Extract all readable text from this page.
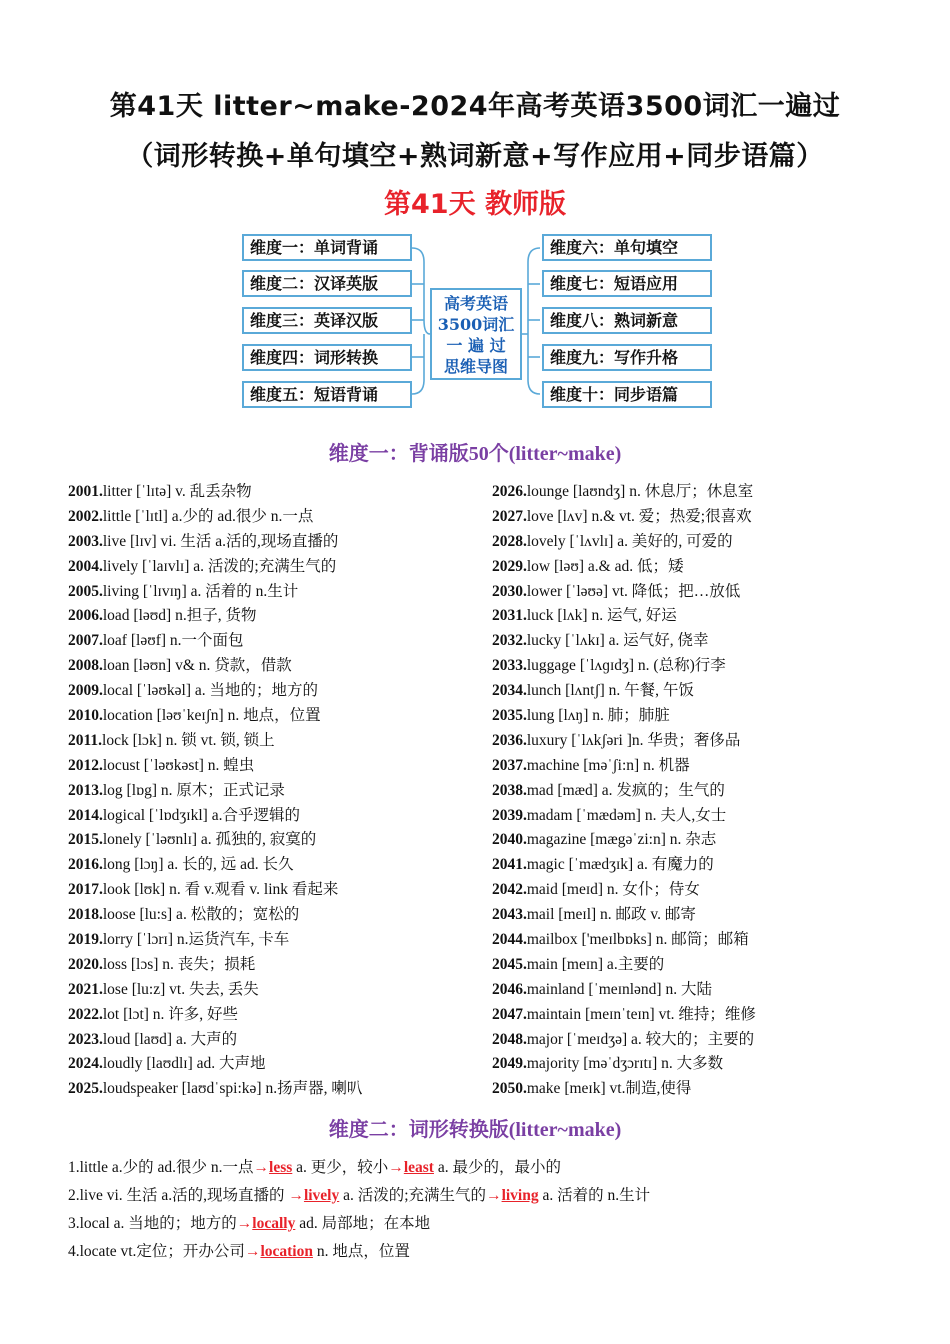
第41天 litter~make-2024年高考英语3500词汇一遍过
（词形转换+单句填空+熟词新意+写作应用+同步语篇）
第41天 教师版
维度一：单词背诵
维度二：汉译英版
维度三：英译汉版
维度四：词形转换
维度五：短语背诵
维度六：单句填空
维度七：短语应用
维度八：熟词新意
维度九：写作升格
维度十：同步语篇
高考英语
3500词汇
一 遍 过
思维导图
维度一：背诵版50个(litter~make)
2001.litter [ˈlɪtə] v. 乱丢杂物
2002.little [ˈlɪtl] a.少的 ad.很少 n.一点
2003.live [lɪv] vi. 生活 a.活的,现场直播的
2004.lively [ˈlaɪvlɪ] a. 活泼的;充满生气的
2005.living [ˈlɪvɪŋ] a. 活着的 n.生计
2006.load [ləʊd] n.担子, 货物
2007.loaf [ləʊf] n.一个面包
2008.loan [ləʊn] v& n. 贷款，借款
2009.local [ˈləʊkəl] a. 当地的；地方的
2010.location [ləʊˈkeɪʃn] n. 地点，位置
2011.lock [lɔk] n. 锁 vt. 锁, 锁上
2012.locust [ˈləʊkəst] n. 蝗虫
2013.log [lɒg] n. 原木；正式记录
2014.logical [ˈlɒdʒɪkl] a.合乎逻辑的
2015.lonely [ˈləʊnlɪ] a. 孤独的, 寂寞的
2016.long [lɔŋ] a. 长的, 远 ad. 长久
2017.look [lʊk] n. 看 v.观看 v. link 看起来
2018.loose [lu:s] a. 松散的；宽松的
2019.lorry [ˈlɔrɪ] n.运货汽车, 卡车
2020.loss [lɔs] n. 丧失；损耗
2021.lose [lu:z] vt. 失去, 丢失
2022.lot [lɔt] n. 许多, 好些
2023.loud [laʊd] a. 大声的
2024.loudly [laʊdlɪ] ad. 大声地
2025.loudspeaker [laʊdˈspi:kə] n.扬声器, 喇叭
2026.lounge [laʊndʒ] n. 休息厅；休息室
2027.love [lʌv] n.& vt. 爱；热爱;很喜欢
2028.lovely [ˈlʌvlɪ] a. 美好的, 可爱的
2029.low [ləʊ] a.& ad. 低；矮
2030.lower [ˈləʊə] vt. 降低；把…放低
2031.luck [lʌk] n. 运气, 好运
2032.lucky [ˈlʌkɪ] a. 运气好, 侥幸
2033.luggage [ˈlʌɡɪdʒ] n. (总称)行李
2034.lunch [lʌntʃ] n. 午餐, 午饭
2035.lung [lʌŋ] n. 肺；肺脏
2036.luxury [ˈlʌkʃəri ]n. 华贵；奢侈品
2037.machine [məˈʃi:n] n. 机器
2038.mad [mæd] a. 发疯的；生气的
2039.madam [ˈmædəm] n. 夫人,女士
2040.magazine [mægəˈzi:n] n. 杂志
2041.magic [ˈmædʒɪk] a. 有魔力的
2042.maid [meɪd] n. 女仆；侍女
2043.mail [meɪl] n. 邮政 v. 邮寄
2044.mailbox ['meɪlbɒks] n. 邮筒；邮箱
2045.main [meɪn] a.主要的
2046.mainland [ˈmeɪnlənd] n. 大陆
2047.maintain [meɪnˈteɪn] vt. 维持；维修
2048.major [ˈmeɪdʒə] a. 较大的；主要的
2049.majority [məˈdʒɔrɪtɪ] n. 大多数
2050.make [meɪk] vt.制造,使得
维度二：词形转换版(litter~make)
1.little a.少的 ad.很少 n.一点→less a. 更少，较小→least a. 最少的，最小的
2.live vi. 生活 a.活的,现场直播的 →lively a. 活泼的;充满生气的→living a. 活着的 n.生计
3.local a. 当地的；地方的→locally ad. 局部地；在本地
4.locate vt.定位；开办公司→location n. 地点，位置
